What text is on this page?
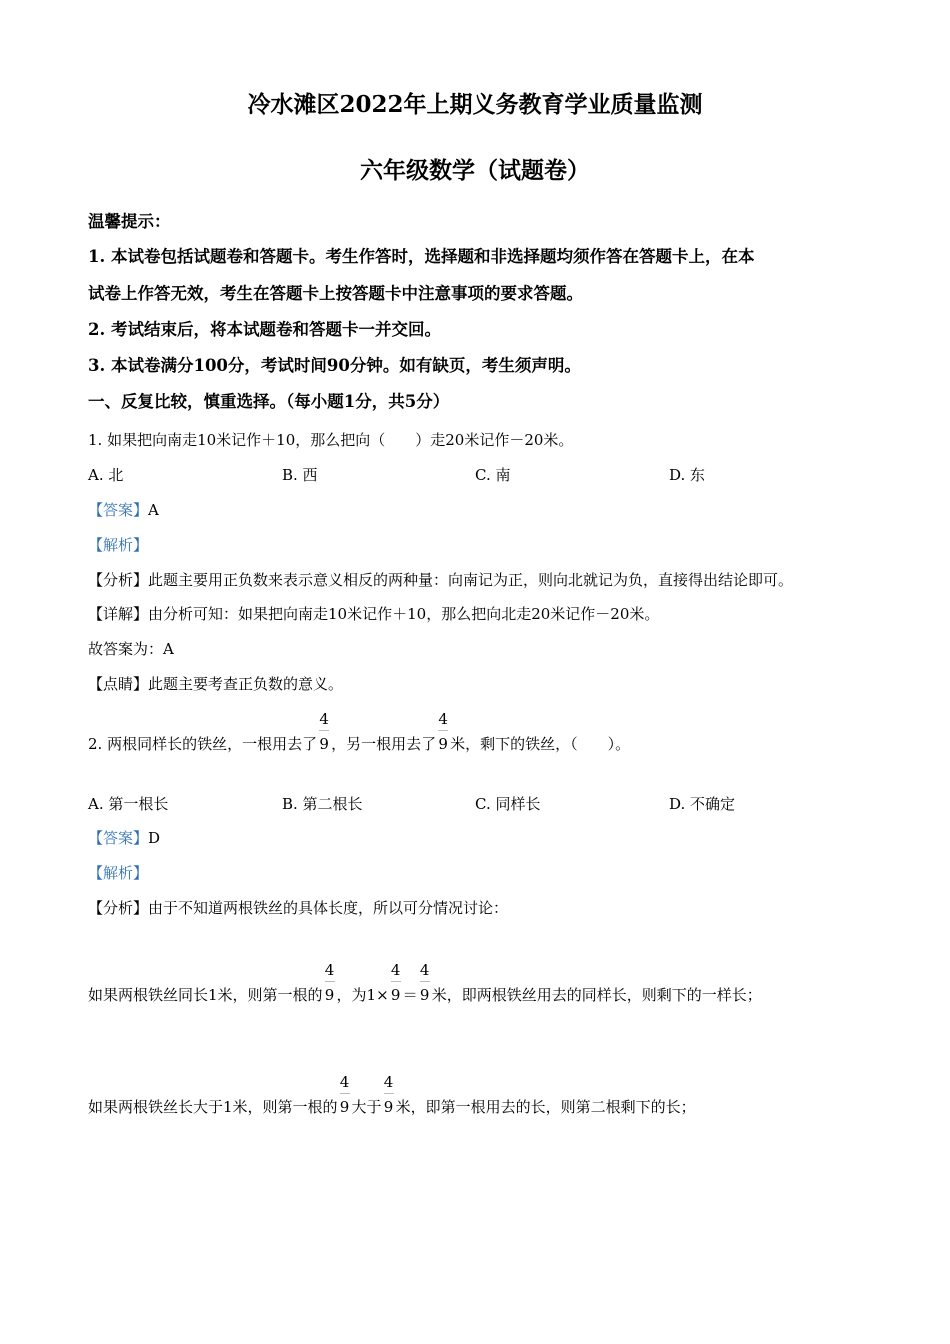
冷水滩区2022年上期义务教育学业质量监测
六年级数学（试题卷）
温馨提示：
1. 本试卷包括试题卷和答题卡。考生作答时，选择题和非选择题均须作答在答题卡上，在本
试卷上作答无效，考生在答题卡上按答题卡中注意事项的要求答题。
2. 考试结束后，将本试题卷和答题卡一并交回。
3. 本试卷满分100分，考试时间90分钟。如有缺页，考生须声明。
一、反复比较，慎重选择。（每小题1分，共5分）
1. 如果把向南走10米记作＋10，那么把向（　　）走20米记作－20米。
A. 北	B. 西	C. 南	D. 东
【答案】A
【解析】
【分析】此题主要用正负数来表示意义相反的两种量：向南记为正，则向北就记为负，直接得出结论即可。
【详解】由分析可知：如果把向南走10米记作＋10，那么把向北走20米记作－20米。
故答案为：A
【点睛】此题主要考查正负数的意义。
2. 两根同样长的铁丝，一根用去了 $\frac{4}{9}$ ，另一根用去了 $\frac{4}{9}$ 米，剩下的铁丝，（　　）。
A. 第一根长	B. 第二根长	C. 同样长	D. 不确定
【答案】D
【解析】
【分析】由于不知道两根铁丝的具体长度，所以可分情况讨论：
如果两根铁丝同长1米，则第一根的 $\frac{4}{9}$ ，为$1\times \frac{4}{9} = \frac{4}{9}$ 米，即两根铁丝用去的同样长，则剩下的一样长；
如果两根铁丝长大于1米，则第一根的 $\frac{4}{9}$ 大于 $\frac{4}{9}$ 米，即第一根用去的长，则第二根剩下的长；
